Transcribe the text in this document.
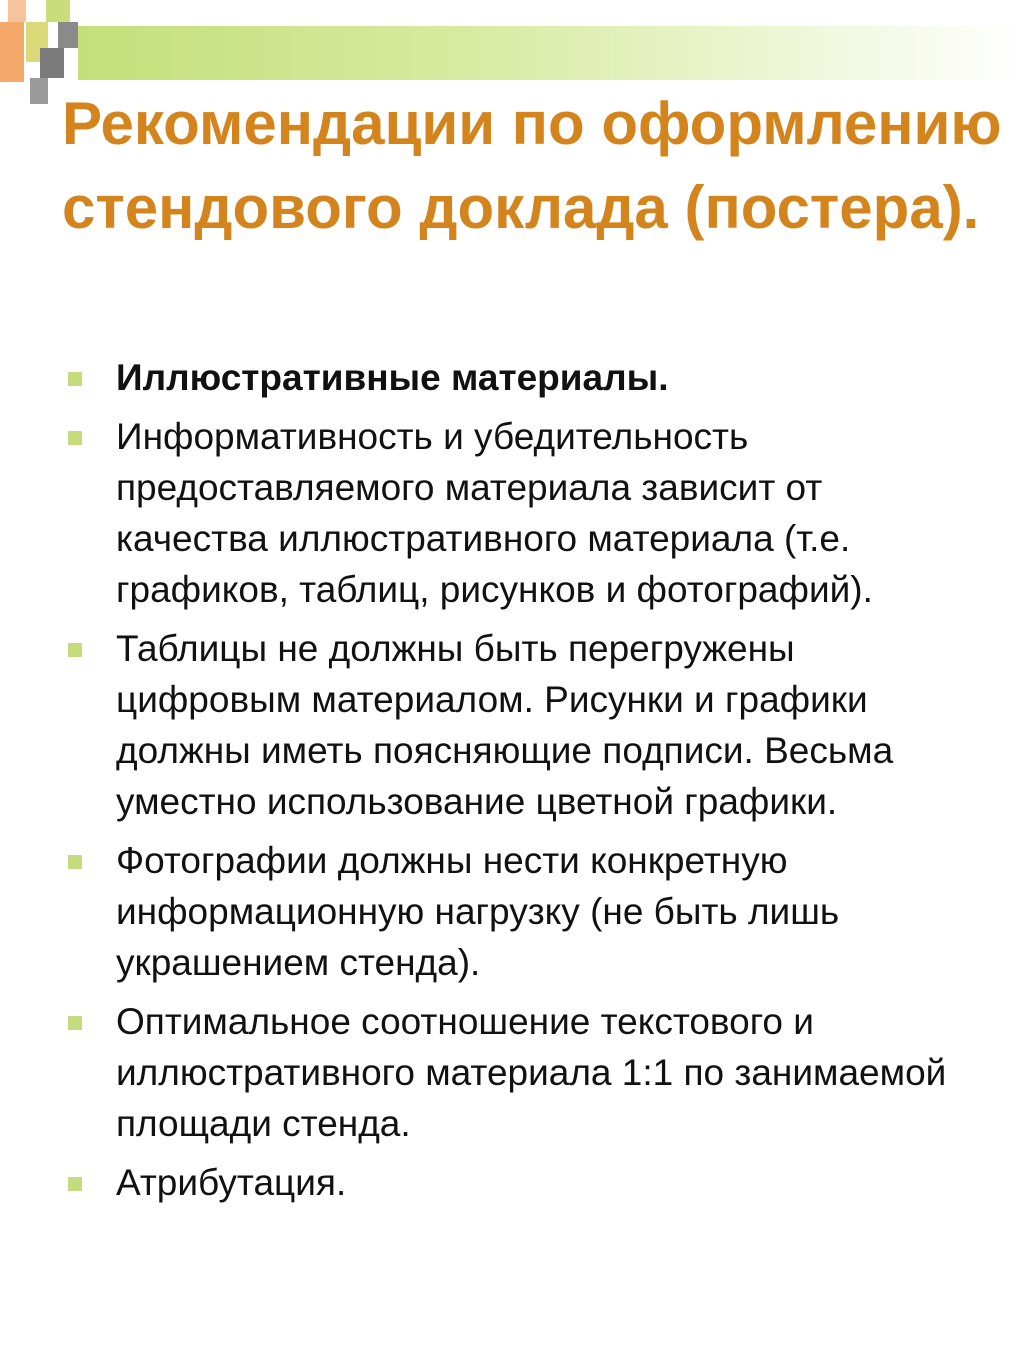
Рекомендации по оформлению стендового доклада (постера).
Иллюстративные материалы.
Информативность и убедительность предоставляемого материала зависит от качества иллюстративного материала (т.е. графиков, таблиц, рисунков и фотографий).
Таблицы не должны быть перегружены цифровым материалом. Рисунки и графики должны иметь поясняющие подписи. Весьма уместно использование цветной графики.
Фотографии должны нести конкретную информационную нагрузку (не быть лишь украшением стенда).
Оптимальное соотношение текстового и иллюстративного материала 1:1 по занимаемой площади стенда.
Атрибутация.
